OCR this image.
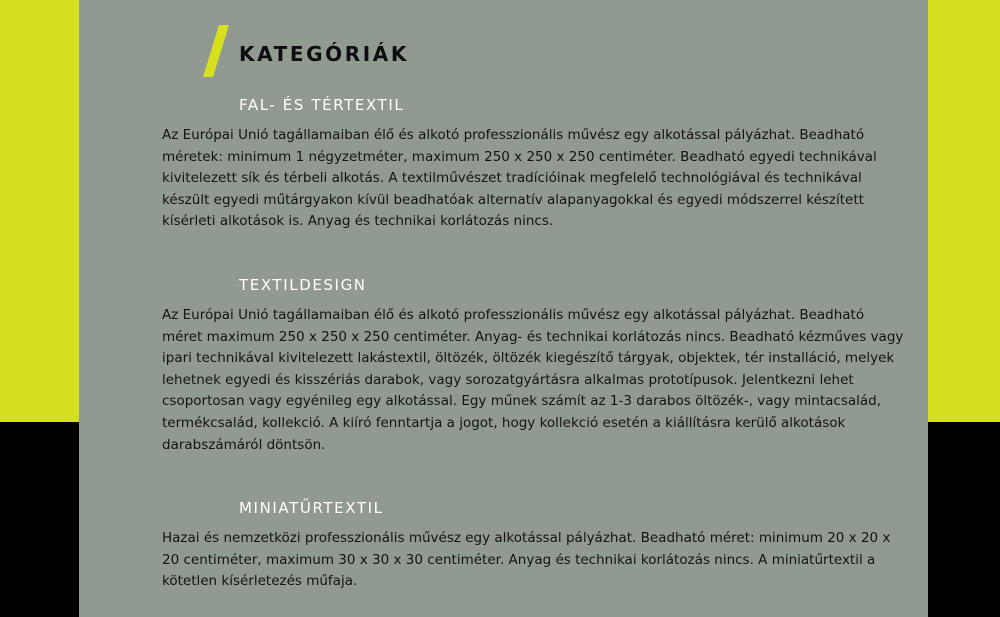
KATEGÓRIÁK
FAL- ÉS TÉRTEXTIL

Az Európai Unió tagállamaiban élő és alkotó professzionális művész egy alkotással pályázhat. Beadható méretek: minimum 1 négyzetméter, maximum 250 x 250 x 250 centiméter. Beadható egyedi technikával kivitelezett sík és térbeli alkotás. A textilművészet tradícióinak megfelelő technológiával és technikával készült egyedi műtárgyakon kívül beadhatóak alternatív alapanyagokkal és egyedi módszerrel készített kísérleti alkotások is. Anyag és technikai korlátozás nincs.

TEXTILDESIGN

Az Európai Unió tagállamaiban élő és alkotó professzionális művész egy alkotással pályázhat. Beadható méret maximum 250 x 250 x 250 centiméter. Anyag- és technikai korlátozás nincs. Beadható kézműves vagy ipari technikával kivitelezett lakástextil, öltözék, öltözék kiegészítő tárgyak, objektek, tér installáció, melyek lehetnek egyedi és kisszériás darabok, vagy sorozatgyártásra alkalmas prototípusok. Jelentkezni lehet csoportosan vagy egyénileg egy alkotással. Egy műnek számít az 1-3 darabos öltözék-, vagy mintacsalád, termékcsalád, kollekció. A kiíró fenntartja a jogot, hogy kollekció esetén a kiállításra kerülő alkotások darabszámáról döntsön.

MINIATŰRTEXTIL

Hazai és nemzetközi professzionális művész egy alkotással pályázhat. Beadható méret: minimum 20 x 20 x 20 centiméter, maximum 30 x 30 x 30 centiméter. Anyag és technikai korlátozás nincs. A miniatűrtextil a kötetlen kísérletezés műfaja.
